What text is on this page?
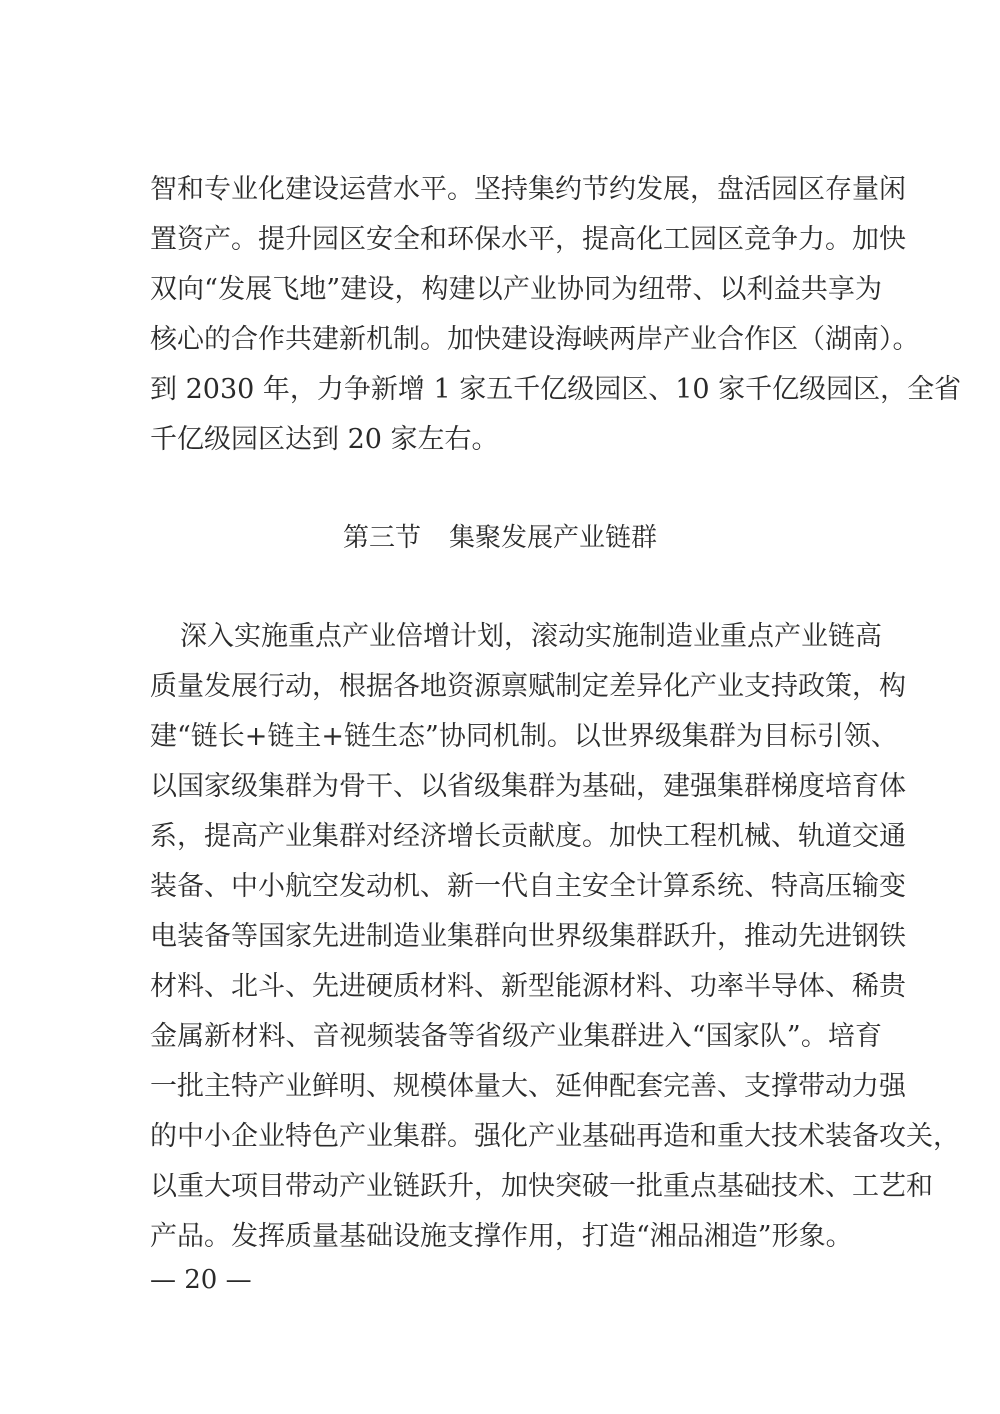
智和专业化建设运营水平。坚持集约节约发展，盘活园区存量闲
置资产。提升园区安全和环保水平，提高化工园区竞争力。加快
双向“发展飞地”建设，构建以产业协同为纽带、以利益共享为
核心的合作共建新机制。加快建设海峡两岸产业合作区（湖南）。
到 2030 年，力争新增 1 家五千亿级园区、10 家千亿级园区，全省
千亿级园区达到 20 家左右。
第三节 集聚发展产业链群
深入实施重点产业倍增计划，滚动实施制造业重点产业链高
质量发展行动，根据各地资源禀赋制定差异化产业支持政策，构
建“链长+链主+链生态”协同机制。以世界级集群为目标引领、
以国家级集群为骨干、以省级集群为基础，建强集群梯度培育体
系，提高产业集群对经济增长贡献度。加快工程机械、轨道交通
装备、中小航空发动机、新一代自主安全计算系统、特高压输变
电装备等国家先进制造业集群向世界级集群跃升，推动先进钢铁
材料、北斗、先进硬质材料、新型能源材料、功率半导体、稀贵
金属新材料、音视频装备等省级产业集群进入“国家队”。培育
一批主特产业鲜明、规模体量大、延伸配套完善、支撑带动力强
的中小企业特色产业集群。强化产业基础再造和重大技术装备攻关，
以重大项目带动产业链跃升，加快突破一批重点基础技术、工艺和
产品。发挥质量基础设施支撑作用，打造“湘品湘造”形象。
— 20 —
